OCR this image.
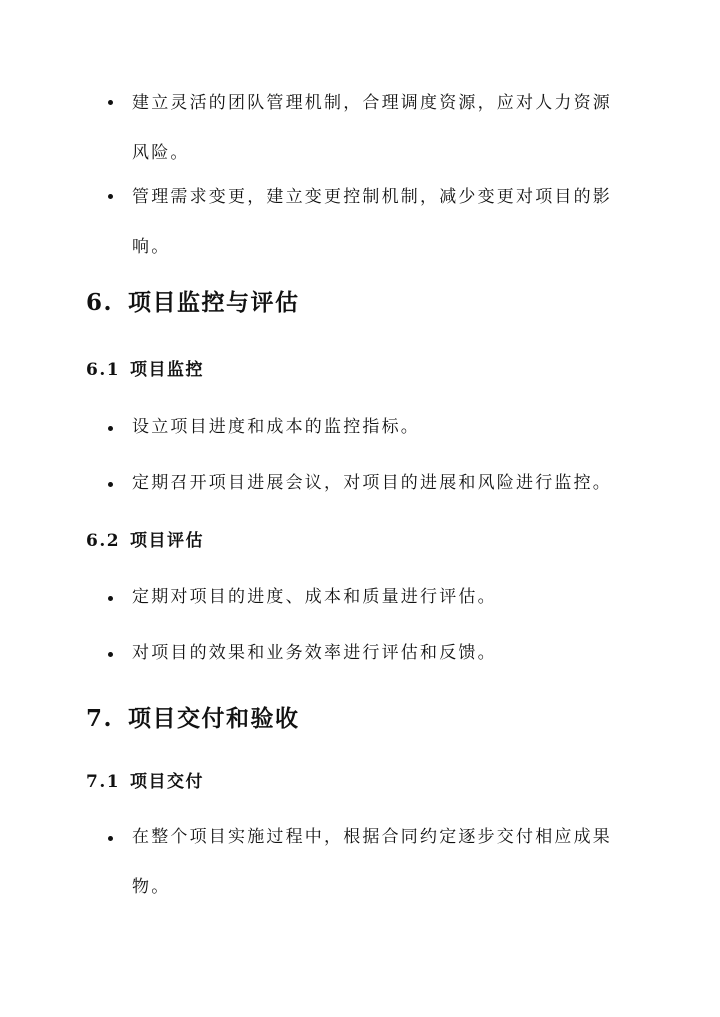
建立灵活的团队管理机制，合理调度资源，应对人力资源风险。
管理需求变更，建立变更控制机制，减少变更对项目的影响。
6. 项目监控与评估
6.1 项目监控
设立项目进度和成本的监控指标。
定期召开项目进展会议，对项目的进展和风险进行监控。
6.2 项目评估
定期对项目的进度、成本和质量进行评估。
对项目的效果和业务效率进行评估和反馈。
7. 项目交付和验收
7.1 项目交付
在整个项目实施过程中，根据合同约定逐步交付相应成果物。
